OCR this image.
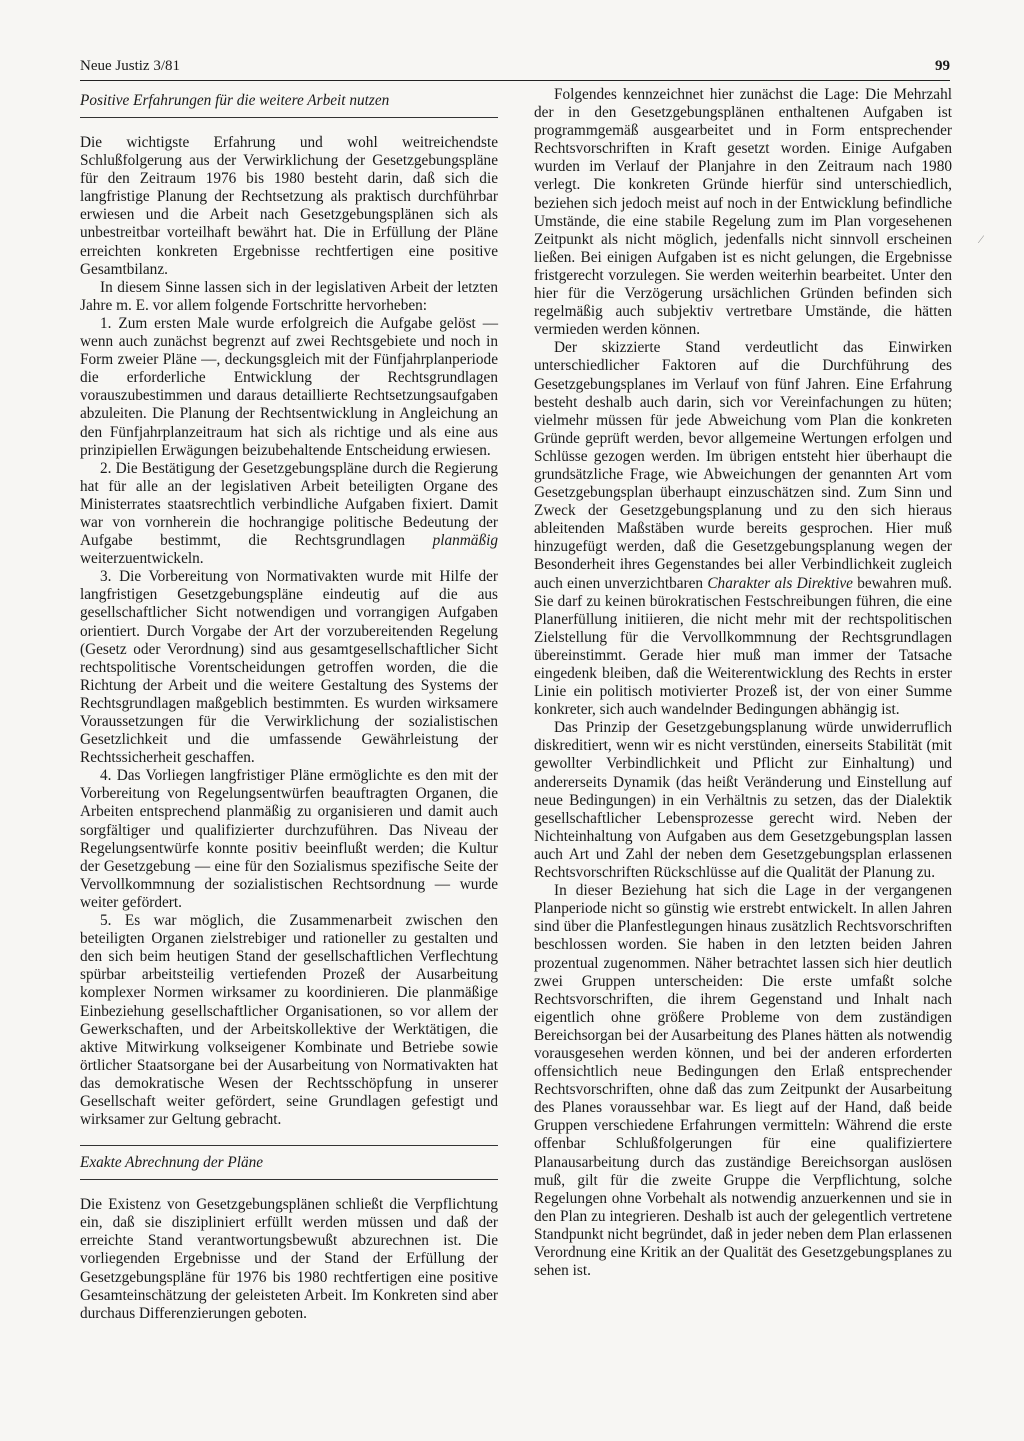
Neue Justiz 3/81	99
Positive Erfahrungen für die weitere Arbeit nutzen

Die wichtigste Erfahrung und wohl weitreichendste Schlußfolgerung aus der Verwirklichung der Gesetzgebungspläne für den Zeitraum 1976 bis 1980 besteht darin, daß sich die langfristige Planung der Rechtsetzung als praktisch durchführbar erwiesen und die Arbeit nach Gesetzgebungsplänen sich als unbestreitbar vorteilhaft bewährt hat. Die in Erfüllung der Pläne erreichten konkreten Ergebnisse rechtfertigen eine positive Gesamtbilanz.

In diesem Sinne lassen sich in der legislativen Arbeit der letzten Jahre m. E. vor allem folgende Fortschritte hervorheben:

1. Zum ersten Male wurde erfolgreich die Aufgabe gelöst — wenn auch zunächst begrenzt auf zwei Rechtsgebiete und noch in Form zweier Pläne —, deckungsgleich mit der Fünfjahrplanperiode die erforderliche Entwicklung der Rechtsgrundlagen vorauszubestimmen und daraus detaillierte Rechtsetzungsaufgaben abzuleiten. Die Planung der Rechtsentwicklung in Angleichung an den Fünfjahrplanzeitraum hat sich als richtige und als eine aus prinzipiellen Erwägungen beizubehaltende Entscheidung erwiesen.

2. Die Bestätigung der Gesetzgebungspläne durch die Regierung hat für alle an der legislativen Arbeit beteiligten Organe des Ministerrates staatsrechtlich verbindliche Aufgaben fixiert. Damit war von vornherein die hochrangige politische Bedeutung der Aufgabe bestimmt, die Rechtsgrundlagen planmäßig weiterzuentwickeln.

3. Die Vorbereitung von Normativakten wurde mit Hilfe der langfristigen Gesetzgebungspläne eindeutig auf die aus gesellschaftlicher Sicht notwendigen und vorrangigen Aufgaben orientiert. Durch Vorgabe der Art der vorzubereitenden Regelung (Gesetz oder Verordnung) sind aus gesamtgesellschaftlicher Sicht rechtspolitische Vorentscheidungen getroffen worden, die die Richtung der Arbeit und die weitere Gestaltung des Systems der Rechtsgrundlagen maßgeblich bestimmten. Es wurden wirksamere Voraussetzungen für die Verwirklichung der sozialistischen Gesetzlichkeit und die umfassende Gewährleistung der Rechtssicherheit geschaffen.

4. Das Vorliegen langfristiger Pläne ermöglichte es den mit der Vorbereitung von Regelungsentwürfen beauftragten Organen, die Arbeiten entsprechend planmäßig zu organisieren und damit auch sorgfältiger und qualifizierter durchzuführen. Das Niveau der Regelungsentwürfe konnte positiv beeinflußt werden; die Kultur der Gesetzgebung — eine für den Sozialismus spezifische Seite der Vervollkommnung der sozialistischen Rechtsordnung — wurde weiter gefördert.

5. Es war möglich, die Zusammenarbeit zwischen den beteiligten Organen zielstrebiger und rationeller zu gestalten und den sich beim heutigen Stand der gesellschaftlichen Verflechtung spürbar arbeitsteilig vertiefenden Prozeß der Ausarbeitung komplexer Normen wirksamer zu koordinieren. Die planmäßige Einbeziehung gesellschaftlicher Organisationen, so vor allem der Gewerkschaften, und der Arbeitskollektive der Werktätigen, die aktive Mitwirkung volkseigener Kombinate und Betriebe sowie örtlicher Staatsorgane bei der Ausarbeitung von Normativakten hat das demokratische Wesen der Rechtsschöpfung in unserer Gesellschaft weiter gefördert, seine Grundlagen gefestigt und wirksamer zur Geltung gebracht.

Exakte Abrechnung der Pläne

Die Existenz von Gesetzgebungsplänen schließt die Verpflichtung ein, daß sie diszipliniert erfüllt werden müssen und daß der erreichte Stand verantwortungsbewußt abzurechnen ist. Die vorliegenden Ergebnisse und der Stand der Erfüllung der Gesetzgebungspläne für 1976 bis 1980 rechtfertigen eine positive Gesamteinschätzung der geleisteten Arbeit. Im Konkreten sind aber durchaus Differenzierungen geboten.

Folgendes kennzeichnet hier zunächst die Lage: Die Mehrzahl der in den Gesetzgebungsplänen enthaltenen Aufgaben ist programmgemäß ausgearbeitet und in Form entsprechender Rechtsvorschriften in Kraft gesetzt worden. Einige Aufgaben wurden im Verlauf der Planjahre in den Zeitraum nach 1980 verlegt. Die konkreten Gründe hierfür sind unterschiedlich, beziehen sich jedoch meist auf noch in der Entwicklung befindliche Umstände, die eine stabile Regelung zum im Plan vorgesehenen Zeitpunkt als nicht möglich, jedenfalls nicht sinnvoll erscheinen ließen. Bei einigen Aufgaben ist es nicht gelungen, die Ergebnisse fristgerecht vorzulegen. Sie werden weiterhin bearbeitet. Unter den hier für die Verzögerung ursächlichen Gründen befinden sich regelmäßig auch subjektiv vertretbare Umstände, die hätten vermieden werden können.

Der skizzierte Stand verdeutlicht das Einwirken unterschiedlicher Faktoren auf die Durchführung des Gesetzgebungsplanes im Verlauf von fünf Jahren. Eine Erfahrung besteht deshalb auch darin, sich vor Vereinfachungen zu hüten; vielmehr müssen für jede Abweichung vom Plan die konkreten Gründe geprüft werden, bevor allgemeine Wertungen erfolgen und Schlüsse gezogen werden. Im übrigen entsteht hier überhaupt die grundsätzliche Frage, wie Abweichungen der genannten Art vom Gesetzgebungsplan überhaupt einzuschätzen sind. Zum Sinn und Zweck der Gesetzgebungsplanung und zu den sich hieraus ableitenden Maßstäben wurde bereits gesprochen. Hier muß hinzugefügt werden, daß die Gesetzgebungsplanung wegen der Besonderheit ihres Gegenstandes bei aller Verbindlichkeit zugleich auch einen unverzichtbaren Charakter als Direktive bewahren muß. Sie darf zu keinen bürokratischen Festschreibungen führen, die eine Planerfüllung initiieren, die nicht mehr mit der rechtspolitischen Zielstellung für die Vervollkommnung der Rechtsgrundlagen übereinstimmt. Gerade hier muß man immer der Tatsache eingedenk bleiben, daß die Weiterentwicklung des Rechts in erster Linie ein politisch motivierter Prozeß ist, der von einer Summe konkreter, sich auch wandelnder Bedingungen abhängig ist.

Das Prinzip der Gesetzgebungsplanung würde unwiderruflich diskreditiert, wenn wir es nicht verstünden, einerseits Stabilität (mit gewollter Verbindlichkeit und Pflicht zur Einhaltung) und andererseits Dynamik (das heißt Veränderung und Einstellung auf neue Bedingungen) in ein Verhältnis zu setzen, das der Dialektik gesellschaftlicher Lebensprozesse gerecht wird. Neben der Nichteinhaltung von Aufgaben aus dem Gesetzgebungsplan lassen auch Art und Zahl der neben dem Gesetzgebungsplan erlassenen Rechtsvorschriften Rückschlüsse auf die Qualität der Planung zu.

In dieser Beziehung hat sich die Lage in der vergangenen Planperiode nicht so günstig wie erstrebt entwickelt. In allen Jahren sind über die Planfestlegungen hinaus zusätzlich Rechtsvorschriften beschlossen worden. Sie haben in den letzten beiden Jahren prozentual zugenommen. Näher betrachtet lassen sich hier deutlich zwei Gruppen unterscheiden: Die erste umfaßt solche Rechtsvorschriften, die ihrem Gegenstand und Inhalt nach eigentlich ohne größere Probleme von dem zuständigen Bereichsorgan bei der Ausarbeitung des Planes hätten als notwendig vorausgesehen werden können, und bei der anderen erforderten offensichtlich neue Bedingungen den Erlaß entsprechender Rechtsvorschriften, ohne daß das zum Zeitpunkt der Ausarbeitung des Planes voraussehbar war. Es liegt auf der Hand, daß beide Gruppen verschiedene Erfahrungen vermitteln: Während die erste offenbar Schlußfolgerungen für eine qualifiziertere Planausarbeitung durch das zuständige Bereichsorgan auslösen muß, gilt für die zweite Gruppe die Verpflichtung, solche Regelungen ohne Vorbehalt als notwendig anzuerkennen und sie in den Plan zu integrieren. Deshalb ist auch der gelegentlich vertretene Standpunkt nicht begründet, daß in jeder neben dem Plan erlassenen Verordnung eine Kritik an der Qualität des Gesetzgebungsplanes zu sehen ist.

⁄
